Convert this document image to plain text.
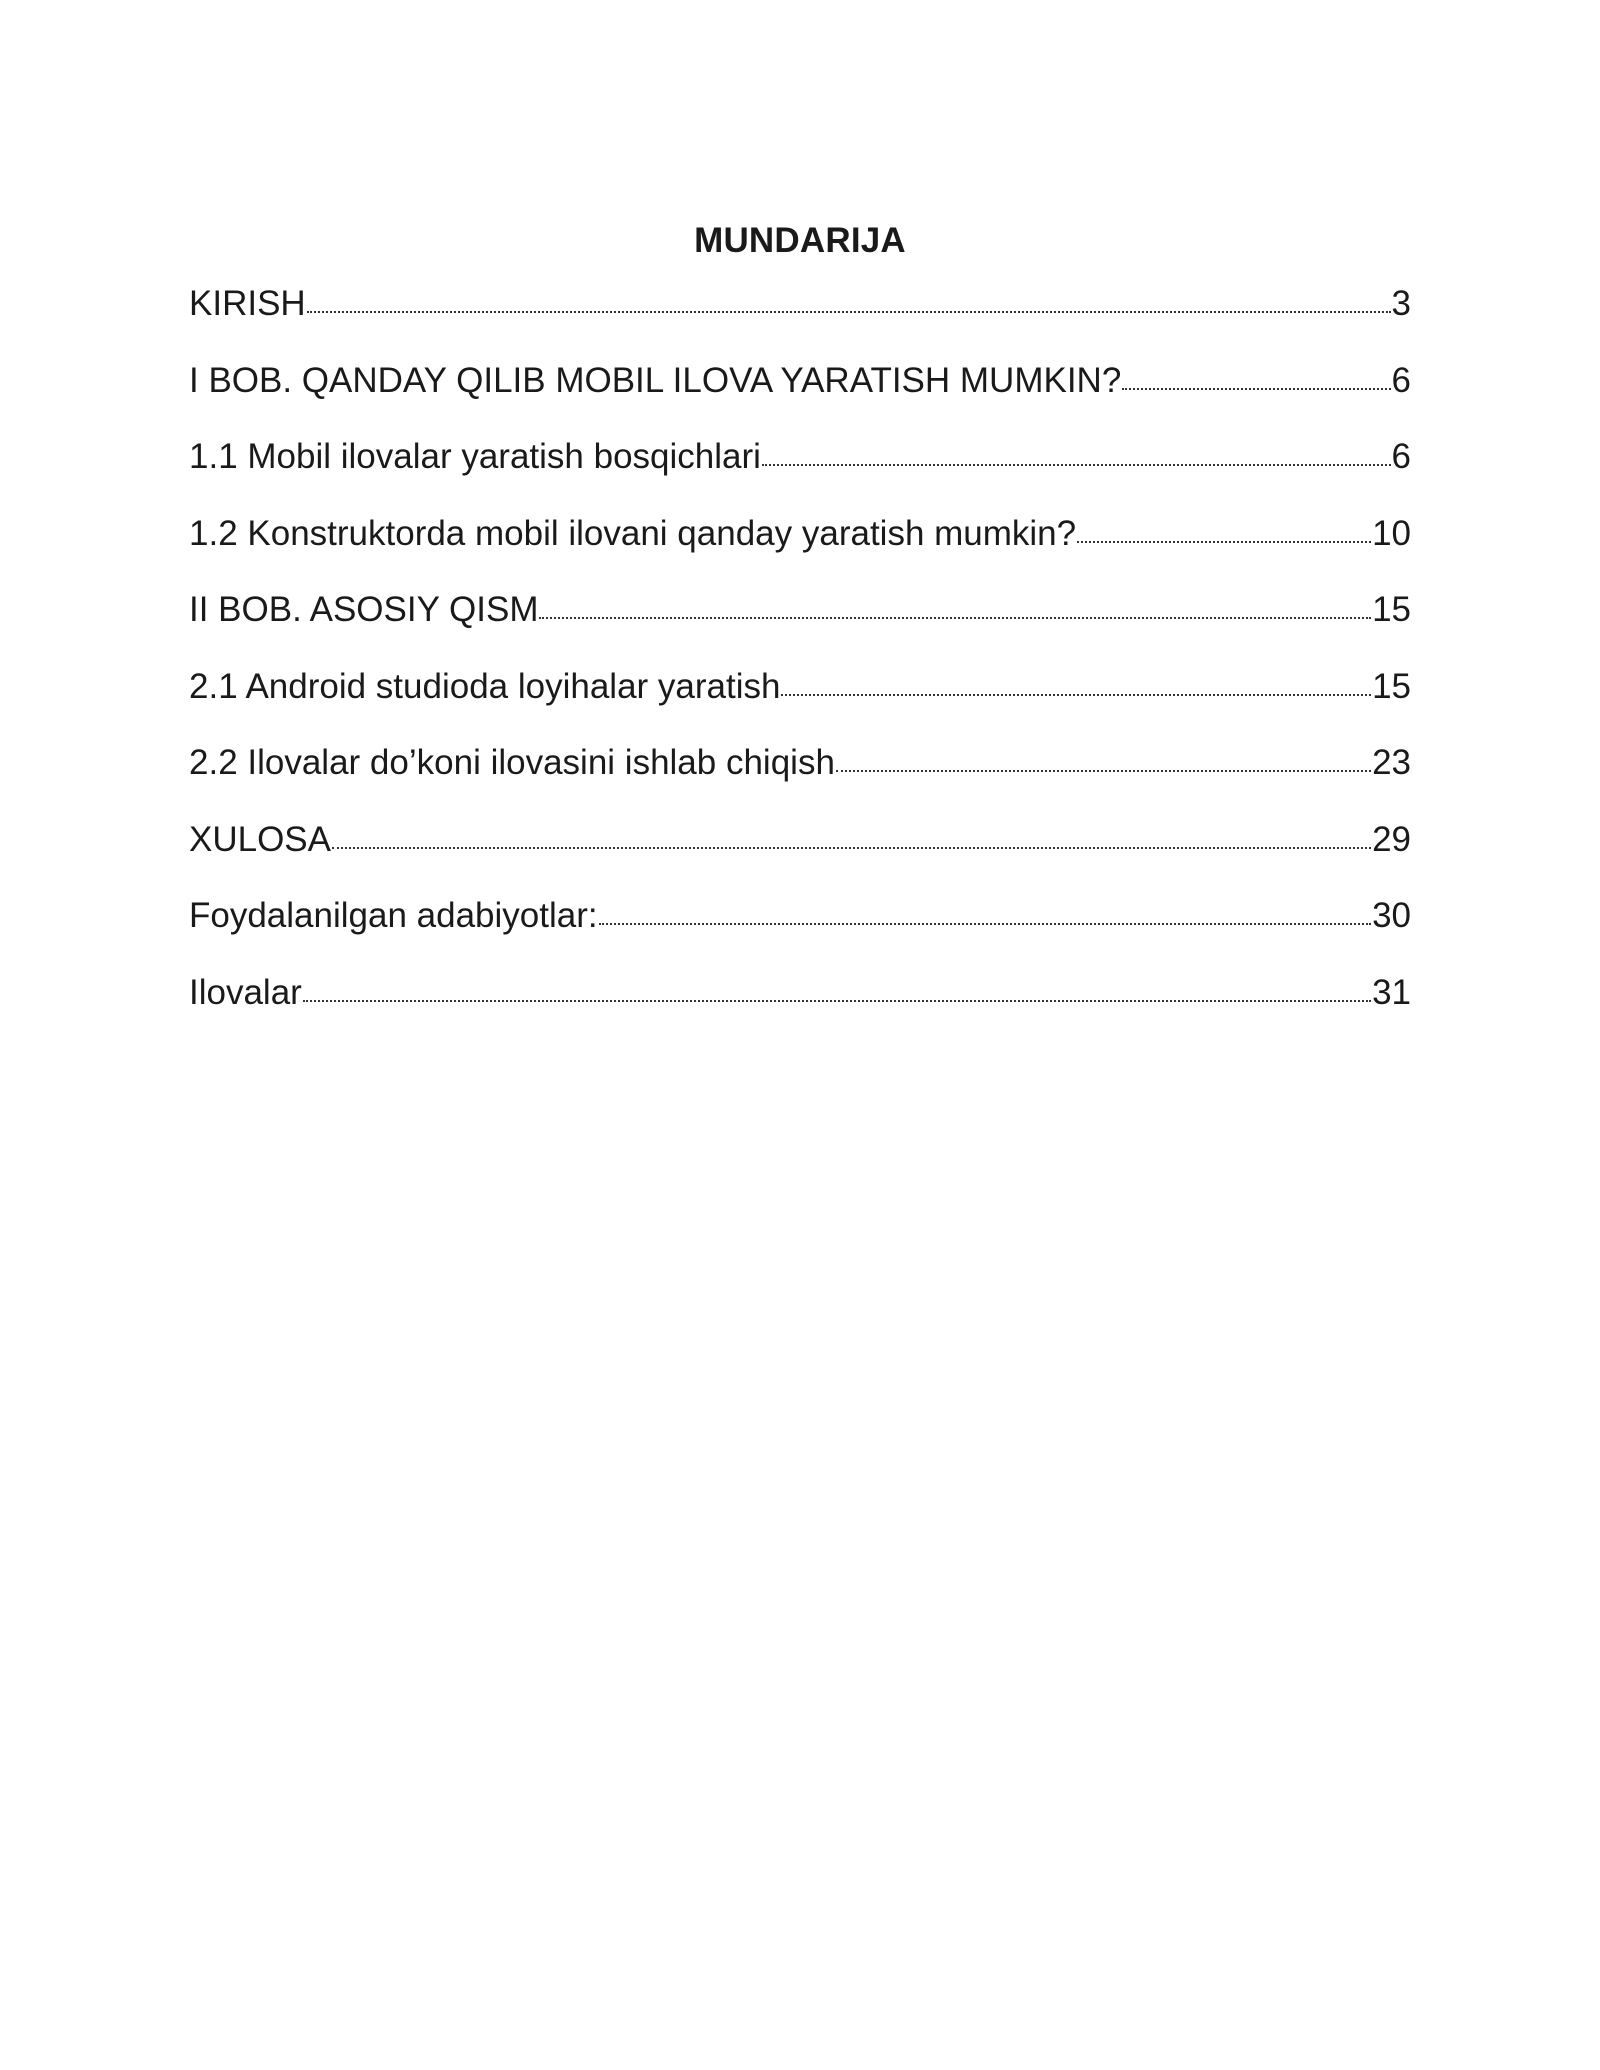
MUNDARIJA
KIRISH	3
I BOB. QANDAY QILIB MOBIL ILOVA YARATISH MUMKIN?	6
1.1 Mobil ilovalar yaratish bosqichlari	6
1.2 Konstruktorda mobil ilovani qanday yaratish mumkin?	10
II BOB. ASOSIY QISM	15
2.1 Android studioda loyihalar yaratish	15
2.2 Ilovalar do’koni ilovasini ishlab chiqish	23
XULOSA	29
Foydalanilgan adabiyotlar:	30
Ilovalar	31
